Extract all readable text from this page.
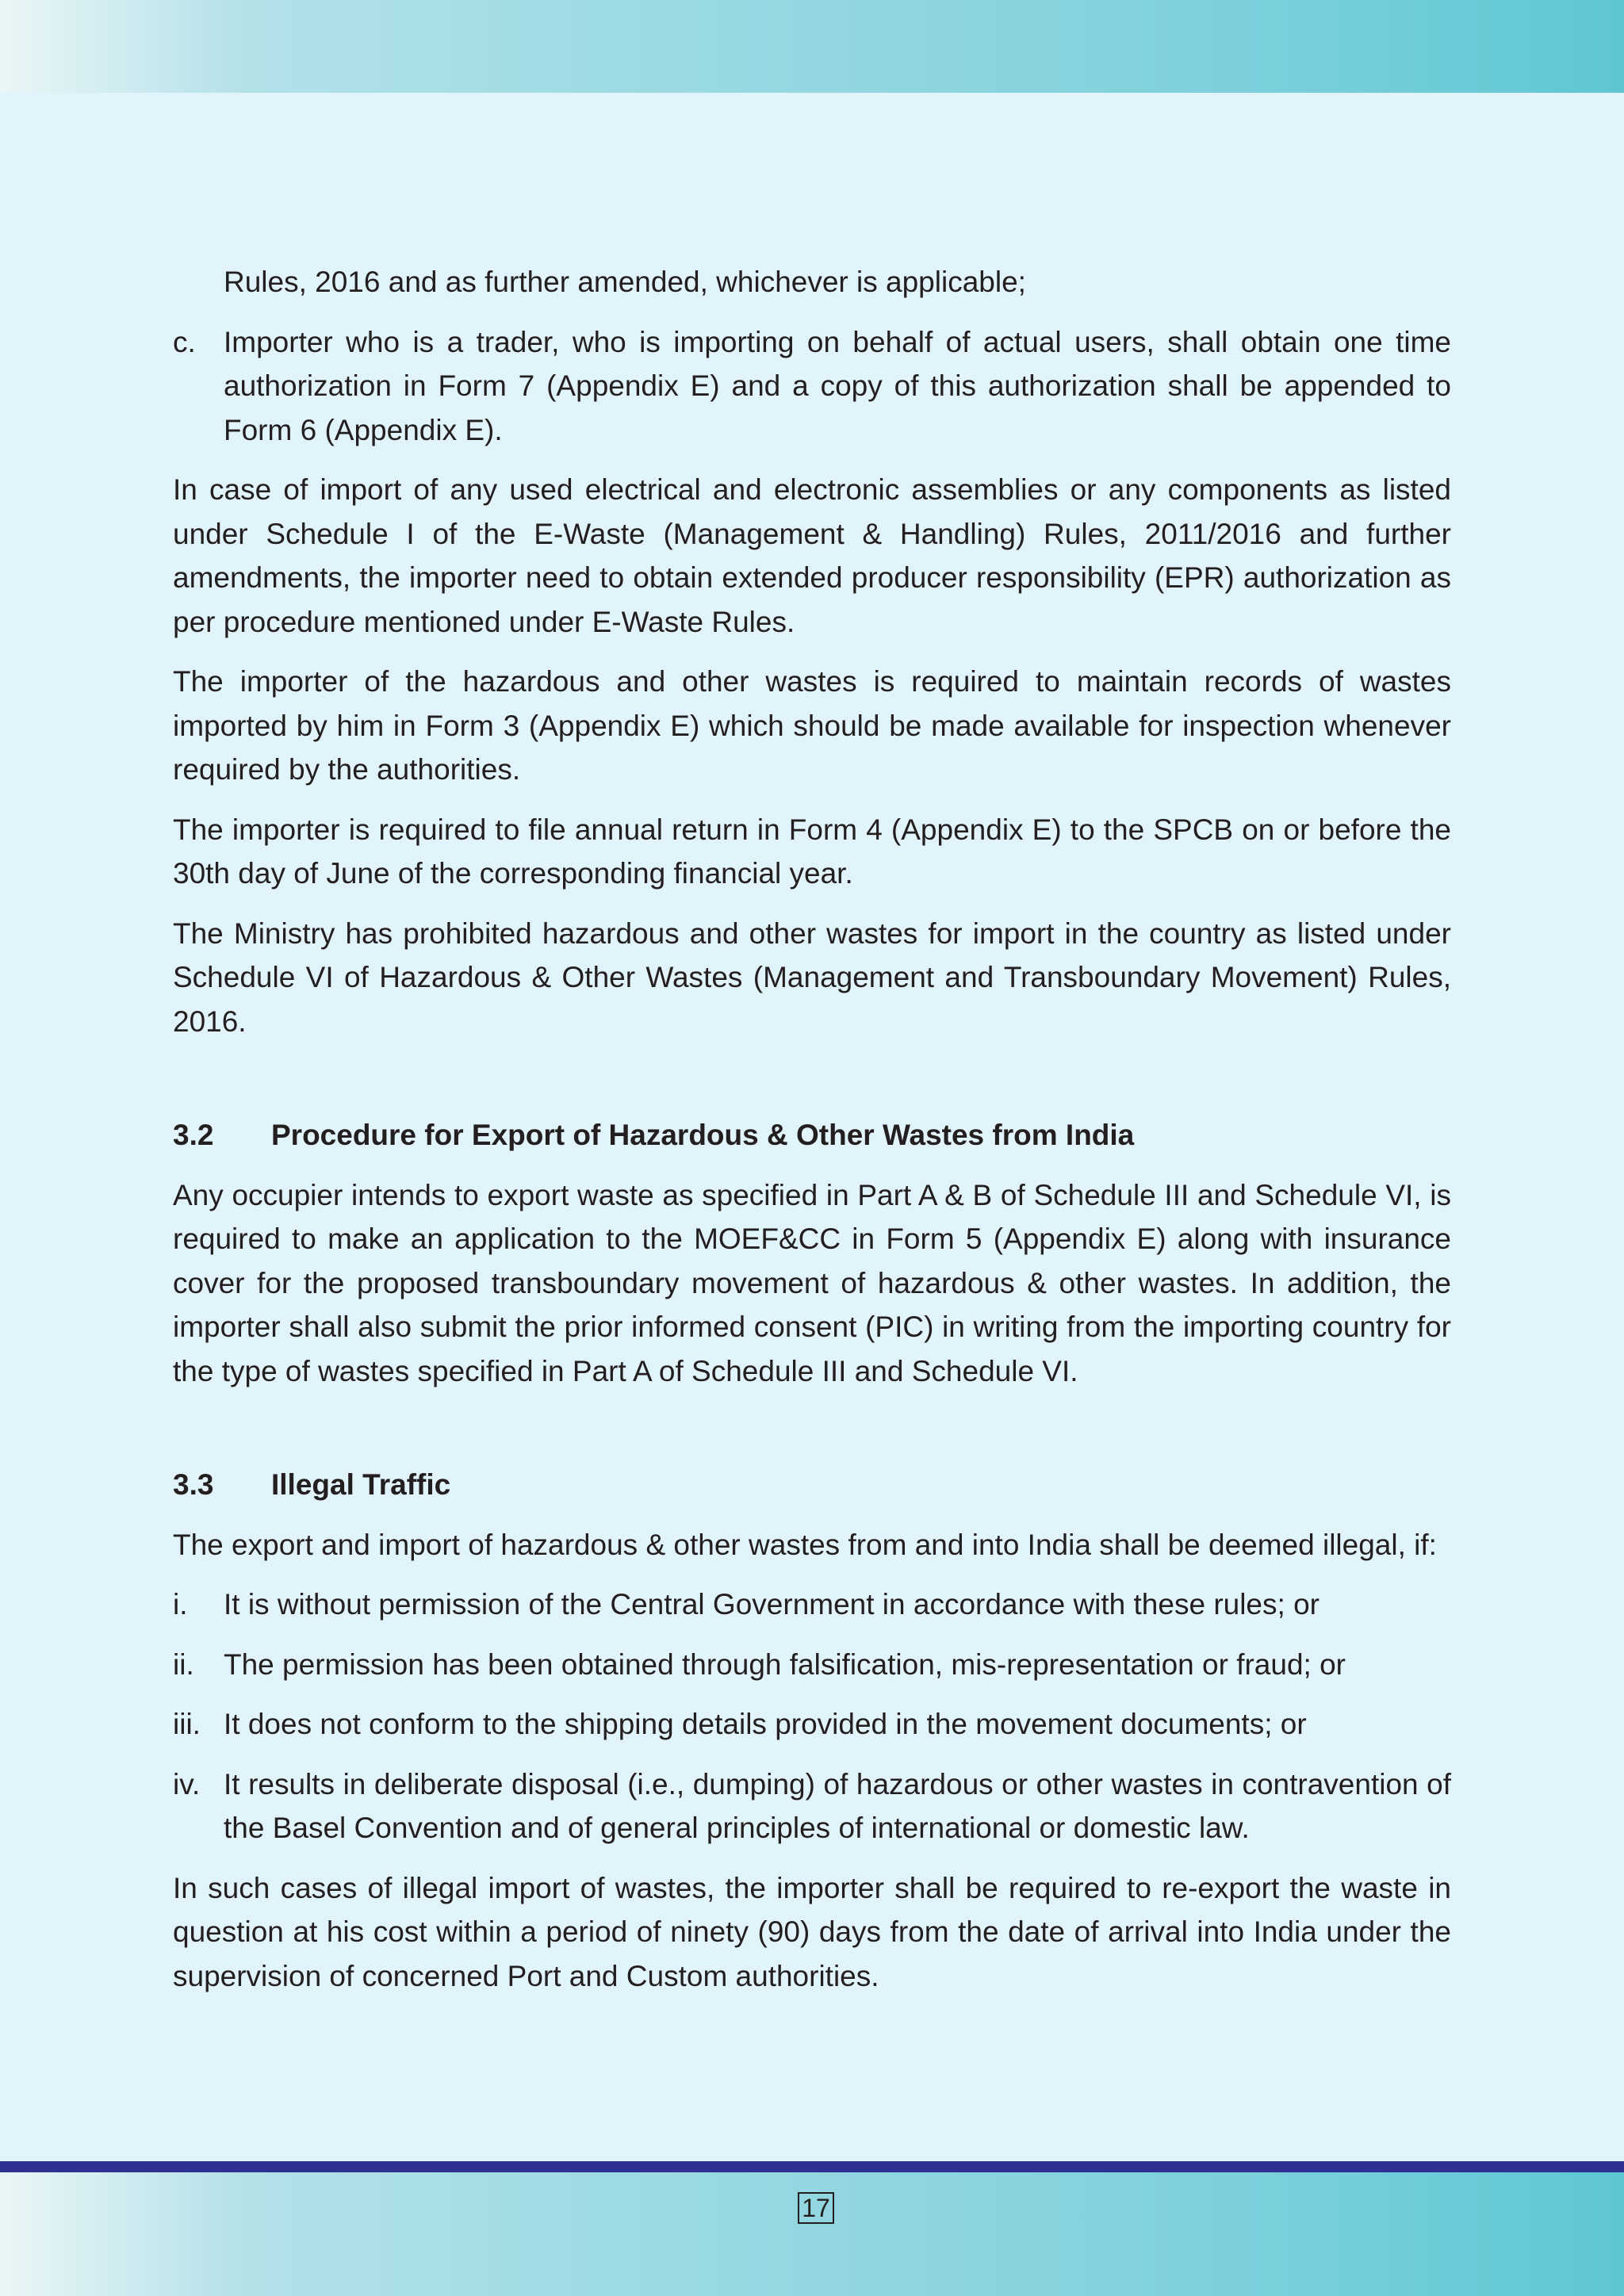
Rules, 2016 and as further amended, whichever is applicable;

c. Importer who is a trader, who is importing on behalf of actual users, shall obtain one time authorization in Form 7 (Appendix E) and a copy of this authorization shall be appended to Form 6 (Appendix E).

In case of import of any used electrical and electronic assemblies or any components as listed under Schedule I of the E-Waste (Management & Handling) Rules, 2011/2016 and further amendments, the importer need to obtain extended producer responsibility (EPR) authorization as per procedure mentioned under E-Waste Rules.

The importer of the hazardous and other wastes is required to maintain records of wastes imported by him in Form 3 (Appendix E) which should be made available for inspection whenever required by the authorities.

The importer is required to file annual return in Form 4 (Appendix E) to the SPCB on or before the 30th day of June of the corresponding financial year.

The Ministry has prohibited hazardous and other wastes for import in the country as listed under Schedule VI of Hazardous & Other Wastes (Management and Transboundary Movement) Rules, 2016.

3.2	Procedure for Export of Hazardous & Other Wastes from India

Any occupier intends to export waste as specified in Part A & B of Schedule III and Schedule VI, is required to make an application to the MOEF&CC in Form 5 (Appendix E) along with insurance cover for the proposed transboundary movement of hazardous & other wastes. In addition, the importer shall also submit the prior informed consent (PIC) in writing from the importing country for the type of wastes specified in Part A of Schedule III and Schedule VI.

3.3	Illegal Traffic

The export and import of hazardous & other wastes from and into India shall be deemed illegal, if:

i.	It is without permission of the Central Government in accordance with these rules; or
ii.	The permission has been obtained through falsification, mis-representation or fraud; or
iii. It does not conform to the shipping details provided in the movement documents; or
iv. It results in deliberate disposal (i.e., dumping) of hazardous or other wastes in contravention of the Basel Convention and of general principles of international or domestic law.

In such cases of illegal import of wastes, the importer shall be required to re-export the waste in question at his cost within a period of ninety (90) days from the date of arrival into India under the supervision of concerned Port and Custom authorities.

17
